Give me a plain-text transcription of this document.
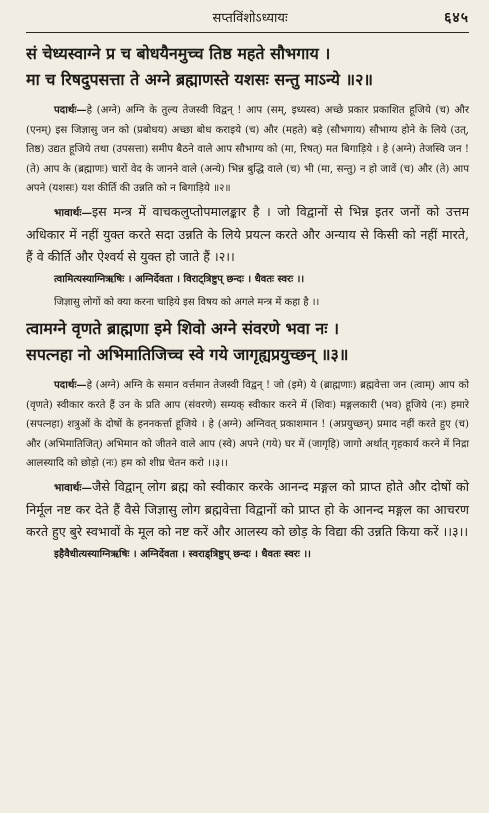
सप्तविंशोऽध्यायः	६४५

सं चेध्यस्वाग्ने प्र च बोधयैनमुच्च तिष्ठ महते सौभगाय ।

मा च रिषदुपसत्ता ते अग्ने ब्रह्माणस्ते यशसः सन्तु माऽन्ये ॥२॥

पदार्थः—हे (अग्ने) अग्नि के तुल्य तेजस्वी विद्वन् ! आप (सम्, इध्यस्व) अच्छे प्रकार प्रकाशित हूजिये (च) और (एनम्) इस जिज्ञासु जन को (प्रबोधय) अच्छा बोध कराइये (च) और (महते) बड़े (सौभगाय) सौभाग्य होने के लिये (उत्, तिष्ठ) उद्यत हूजिये तथा (उपसत्ता) समीप बैठने वाले आप सौभाग्य को (मा, रिषत्) मत बिगाड़िये । हे (अग्ने) तेजस्वि जन ! (ते) आप के (ब्रह्माणः) चारों वेद के जानने वाले (अन्ये) भिन्न बुद्धि वाले (च) भी (मा, सन्तु) न हो जावें (च) और (ते) आप अपने (यशसः) यश कीर्ति की उन्नति को न बिगाड़िये ॥२॥

भावार्थः—इस मन्त्र में वाचकलुप्तोपमालङ्कार है । जो विद्वानों से भिन्न इतर जनों को उत्तम अधिकार में नहीं युक्त करते सदा उन्नति के लिये प्रयत्न करते और अन्याय से किसी को नहीं मारते, हैं वे कीर्ति और ऐश्वर्य से युक्त हो जाते हैं ।२।।

त्वामित्यस्याग्निऋषिः । अग्निर्देवता । विराट्त्रिष्टुप् छन्दः । धैवतः स्वरः ।।

जिज्ञासु लोगों को क्या करना चाहिये इस विषय को अगले मन्त्र में कहा है ।।

त्वामग्ने वृणते ब्राह्मणा इमे शिवो अग्ने संवरणे भवा नः ।

सपत्नहा नो अभिमातिजिच्च स्वे गये जागृह्यप्रयुच्छन् ॥३॥

पदार्थः—हे (अग्ने) अग्नि के समान वर्त्तमान तेजस्वी विद्वन् ! जो (इमे) ये (ब्राह्मणाः) ब्रह्मवेत्ता जन (त्वाम्) आप को (वृणते) स्वीकार करते हैं उन के प्रति आप (संवरणे) सम्यक् स्वीकार करने में (शिवः) मङ्गलकारी (भव) हूजिये (नः) हमारे (सपत्नहा) शत्रुओं के दोषों के हननकर्त्ता हूजिये । हे (अग्ने) अग्निवत् प्रकाशमान ! (अप्रयुच्छन्) प्रमाद नहीं करते हुए (च) और (अभिमातिजित्) अभिमान को जीतने वाले आप (स्वे) अपने (गये) घर में (जागृहि) जागो अर्थात् गृहकार्य करने में निद्रा आलस्यादि को छोड़ो (नः) हम को शीघ्र चेतन करो ।।३।।

भावार्थः—जैसे विद्वान् लोग ब्रह्म को स्वीकार करके आनन्द मङ्गल को प्राप्त होते और दोषों को निर्मूल नष्ट कर देते हैं वैसे जिज्ञासु लोग ब्रह्मवेत्ता विद्वानों को प्राप्त हो के आनन्द मङ्गल का आचरण करते हुए बुरे स्वभावों के मूल को नष्ट करें और आलस्य को छोड़ के विद्या की उन्नति किया करें ।।३।।

इहैवैधीत्यस्याग्निऋषिः । अग्निर्देवता । स्वराड्त्रिष्टुप् छन्दः । धैवतः स्वरः ।।
